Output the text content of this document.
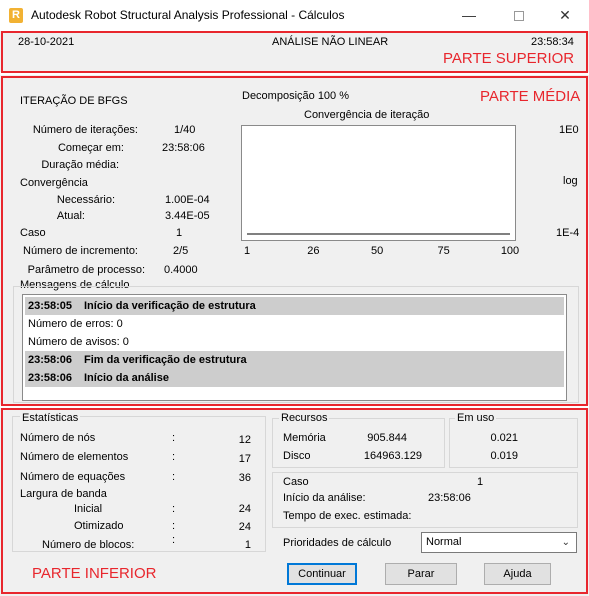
R Autodesk Robot Structural Analysis Professional - Cálculos	—	✕
28-10-2021	ANÁLISE NÃO LINEAR	23:58:34
PARTE SUPERIOR
PARTE MÉDIA
ITERAÇÃO DE BFGS	Decomposição 100 %
Número de iterações:	1/40
Começar em:	23:58:06
Duração média:
Convergência
Necessário:	1.00E-04
Atual:	3.44E-05
Caso	1
Número de incremento:	2/5
Parâmetro de processo: 0.4000
Convergência de iteração
1E0
log
1E-4
1	26	50	75	100
Mensagens de cálculo
23:58:05 Início da verificação de estrutura
Número de erros: 0
Número de avisos: 0
23:58:06 Fim da verificação de estrutura
23:58:06 Início da análise
Estatísticas
Número de nós	:	12
Número de elementos	:	17
Número de equações	:	36
Largura de banda
Inicial	:	24
Otimizado	:	24
Número de blocos:	:	1
Recursos
Memória	905.844
Disco	164963.129
Em uso
0.021
0.019
Caso	1
Início da análise:	23:58:06
Tempo de exec. estimada:
Prioridades de cálculo	Normal	⌄
PARTE INFERIOR	Continuar	Parar	Ajuda
